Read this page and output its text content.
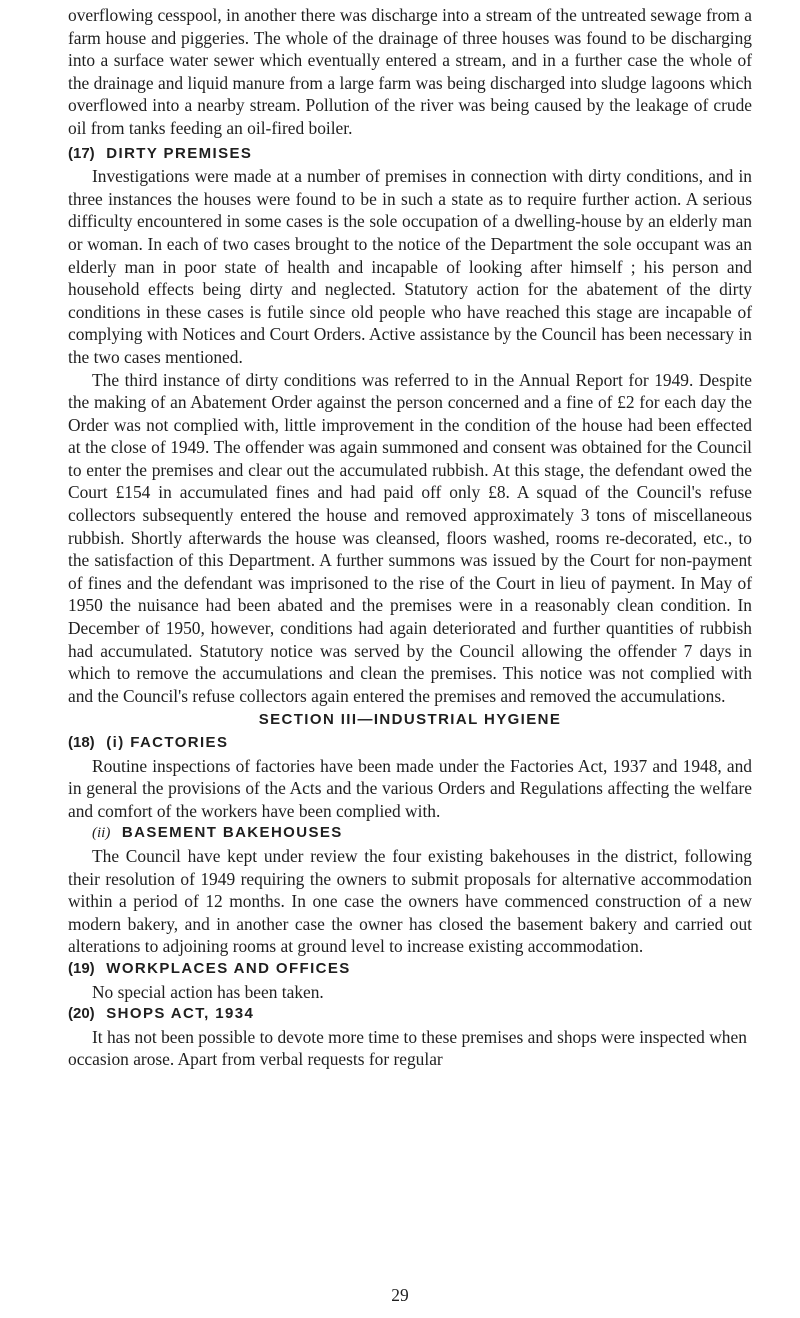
overflowing cesspool, in another there was discharge into a stream of the untreated sewage from a farm house and piggeries. The whole of the drainage of three houses was found to be discharging into a surface water sewer which eventually entered a stream, and in a further case the whole of the drainage and liquid manure from a large farm was being discharged into sludge lagoons which overflowed into a nearby stream. Pollution of the river was being caused by the leakage of crude oil from tanks feeding an oil-fired boiler.

(17) DIRTY PREMISES

Investigations were made at a number of premises in connection with dirty conditions, and in three instances the houses were found to be in such a state as to require further action. A serious difficulty encountered in some cases is the sole occupation of a dwelling-house by an elderly man or woman. In each of two cases brought to the notice of the Department the sole occupant was an elderly man in poor state of health and incapable of looking after himself ; his person and household effects being dirty and neglected. Statutory action for the abatement of the dirty conditions in these cases is futile since old people who have reached this stage are incapable of complying with Notices and Court Orders. Active assistance by the Council has been necessary in the two cases mentioned.

The third instance of dirty conditions was referred to in the Annual Report for 1949. Despite the making of an Abatement Order against the person concerned and a fine of £2 for each day the Order was not complied with, little improvement in the condition of the house had been effected at the close of 1949. The offender was again summoned and consent was obtained for the Council to enter the premises and clear out the accumulated rubbish. At this stage, the defendant owed the Court £154 in accumulated fines and had paid off only £8. A squad of the Council's refuse collectors subsequently entered the house and removed approximately 3 tons of miscellaneous rubbish. Shortly afterwards the house was cleansed, floors washed, rooms re-decorated, etc., to the satisfaction of this Department. A further summons was issued by the Court for non-payment of fines and the defendant was imprisoned to the rise of the Court in lieu of payment. In May of 1950 the nuisance had been abated and the premises were in a reasonably clean condition. In December of 1950, however, conditions had again deteriorated and further quantities of rubbish had accumulated. Statutory notice was served by the Council allowing the offender 7 days in which to remove the accumulations and clean the premises. This notice was not complied with and the Council's refuse collectors again entered the premises and removed the accumulations.

SECTION III—INDUSTRIAL HYGIENE
(18) (i) FACTORIES

Routine inspections of factories have been made under the Factories Act, 1937 and 1948, and in general the provisions of the Acts and the various Orders and Regulations affecting the welfare and comfort of the workers have been complied with.

(ii) BASEMENT BAKEHOUSES

The Council have kept under review the four existing bakehouses in the district, following their resolution of 1949 requiring the owners to submit proposals for alternative accommodation within a period of 12 months. In one case the owners have commenced construction of a new modern bakery, and in another case the owner has closed the basement bakery and carried out alterations to adjoining rooms at ground level to increase existing accommodation.

(19) WORKPLACES AND OFFICES

No special action has been taken.

(20) SHOPS ACT, 1934

It has not been possible to devote more time to these premises and shops were inspected when occasion arose. Apart from verbal requests for regular

29
